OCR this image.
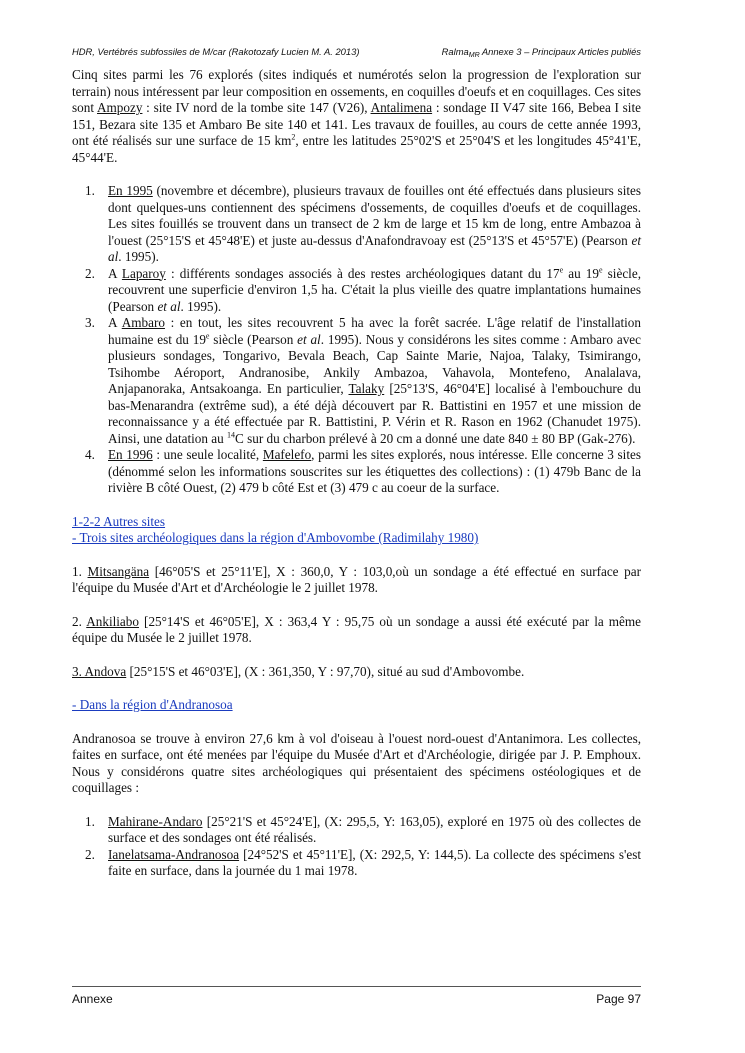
HDR, Vertébrés subfossiles de M/car (Rakotozafy Lucien M. A. 2013)	Ralma$_{MR}$ Annexe 3 – Principaux Articles publiés

Cinq sites parmi les 76 explorés (sites indiqués et numérotés selon la progression de l'exploration sur terrain) nous intéressent par leur composition en ossements, en coquilles d'oeufs et en coquillages. Ces sites sont Ampozy : site IV nord de la tombe site 147 (V26), Antalimena : sondage II V47 site 166, Bebea I site 151, Bezara site 135 et Ambaro Be site 140 et 141. Les travaux de fouilles, au cours de cette année 1993, ont été réalisés sur une surface de 15 $km^2$, entre les latitudes 25°02'S et 25°04'S et les longitudes 45°41'E, 45°44'E.

1. En 1995 (novembre et décembre), plusieurs travaux de fouilles ont été effectués dans plusieurs sites dont quelques-uns contiennent des spécimens d'ossements, de coquilles d'oeufs et de coquillages. Les sites fouillés se trouvent dans un transect de 2 km de large et 15 km de long, entre Ambazoa à l'ouest (25°15'S et 45°48'E) et juste au-dessus d'Anafondravoay est (25°13'S et 45°57'E) (Pearson et al. 1995).
2. A Laparoy : différents sondages associés à des restes archéologiques datant du 17e au 19e siècle, recouvrent une superficie d'environ 1,5 ha. C'était la plus vieille des quatre implantations humaines (Pearson et al. 1995).
3. A Ambaro : en tout, les sites recouvrent 5 ha avec la forêt sacrée. L'âge relatif de l'installation humaine est du 19e siècle (Pearson et al. 1995). Nous y considérons les sites comme : Ambaro avec plusieurs sondages, Tongarivo, Bevala Beach, Cap Sainte Marie, Najoa, Talaky, Tsimirango, Tsihombe Aéroport, Andranosibe, Ankily Ambazoa, Vahavola, Montefeno, Analalava, Anjapanoraka, Antsakoanga. En particulier, Talaky [25°13'S, 46°04'E] localisé à l'embouchure du bas-Menarandra (extrême sud), a été déjà découvert par R. Battistini en 1957 et une mission de reconnaissance y a été effectuée par R. Battistini, P. Vérin et R. Rason en 1962 (Chanudet 1975). Ainsi, une datation au $^{14}$C sur du charbon prélevé à 20 cm a donné une date 840 ± 80 BP (Gak-276).
4. En 1996 : une seule localité, Mafelefo, parmi les sites explorés, nous intéresse. Elle concerne 3 sites (dénommé selon les informations souscrites sur les étiquettes des collections) : (1) 479b Banc de la rivière B côté Ouest, (2) 479 b côté Est et (3) 479 c au coeur de la surface.

1-2-2 Autres sites
- Trois sites archéologiques dans la région d'Ambovombe (Radimilahy 1980)

1. Mitsangäna [46°05'S et 25°11'E], X : 360,0, Y : 103,0,où un sondage a été effectué en surface par l'équipe du Musée d'Art et d'Archéologie le 2 juillet 1978.

2. Ankiliabo [25°14'S et 46°05'E], X : 363,4 Y : 95,75 où un sondage a aussi été exécuté par la même équipe du Musée le 2 juillet 1978.

3. Andova [25°15'S et 46°03'E], (X : 361,350, Y : 97,70), situé au sud d'Ambovombe.

- Dans la région d'Andranosoa

Andranosoa se trouve à environ 27,6 km à vol d'oiseau à l'ouest nord-ouest d'Antanimora. Les collectes, faites en surface, ont été menées par l'équipe du Musée d'Art et d'Archéologie, dirigée par J. P. Emphoux. Nous y considérons quatre sites archéologiques qui présentaient des spécimens ostéologiques et de coquillages :

1. Mahirane-Andaro [25°21'S et 45°24'E], (X: 295,5, Y: 163,05), exploré en 1975 où des collectes de surface et des sondages ont été réalisés.
2. Ianelatsama-Andranosoa [24°52'S et 45°11'E], (X: 292,5, Y: 144,5). La collecte des spécimens s'est faite en surface, dans la journée du 1 mai 1978.
Annexe	Page 97
